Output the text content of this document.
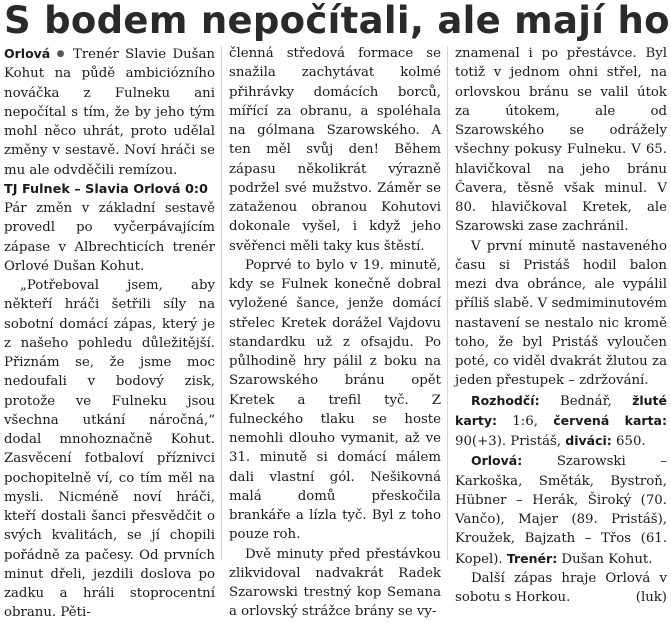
S bodem nepočítali, ale mají ho

Orlová ● Trenér Slavie Dušan Kohut na půdě ambiciózního nováčka z Fulneku ani nepočítal s tím, že by jeho tým mohl něco uhrát, proto udělal změny v sestavě. Noví hráči se mu ale odvděčili remízou.

TJ Fulnek – Slavia Orlová 0:0

Pár změn v základní sestavě provedl po vyčerpávajícím zápase v Albrechticích trenér Orlové Dušan Kohut.

„Potřeboval jsem, aby někteří hráči šetřili síly na sobotní domácí zápas, který je z našeho pohledu důležitější. Přiznám se, že jsme moc nedoufali v bodový zisk, protože ve Fulneku jsou všechna utkání náročná,“ dodal mnohoznačně Kohut. Zasvěcení fotbaloví příznivci pochopitelně ví, co tím měl na mysli. Nicméně noví hráči, kteří dostali šanci přesvědčit o svých kvalitách, se jí chopili pořádně za pačesy. Od prvních minut dřeli, jezdili doslova po zadku a hráli stoprocentní obranu. Pěti-

členná středová formace se snažila zachytávat kolmé přihrávky domácích borců, mířící za obranu, a spoléhala na gólmana Szarowského. A ten měl svůj den! Během zápasu několikrát výrazně podržel své mužstvo. Záměr se zataženou obranou Kohutovi dokonale vyšel, i když jeho svěřenci měli taky kus štěstí.

Poprvé to bylo v 19. minutě, kdy se Fulnek konečně dobral vyložené šance, jenže domácí střelec Kretek dorážel Vajdovu standardku už z ofsajdu. Po půlhodině hry pálil z boku na Szarowského bránu opět Kretek a trefil tyč. Z fulneckého tlaku se hoste nemohli dlouho vymanit, až ve 31. minutě si domácí málem dali vlastní gól. Nešikovná malá domů přeskočila brankáře a lízla tyč. Byl z toho pouze roh.

Dvě minuty před přestávkou zlikvidoval nadvakrát Radek Szarowski trestný kop Semana a orlovský strážce brány se vy-

znamenal i po přestávce. Byl totiž v jednom ohni střel, na orlovskou bránu se valil útok za útokem, ale od Szarowského se odrážely všechny pokusy Fulneku. V 65. hlavičkoval na jeho bránu Čavera, těsně však minul. V 80. hlavičkoval Kretek, ale Szarowski zase zachránil.

V první minutě nastaveného času si Pristáš hodil balon mezi dva obránce, ale vypálil příliš slabě. V sedmiminutovém nastavení se nestalo nic kromě toho, že byl Pristáš vyloučen poté, co viděl dvakrát žlutou za jeden přestupek – zdržování.

Rozhodčí: Bednář, žluté karty: 1:6, červená karta: 90(+3). Pristáš, diváci: 650.

Orlová: Szarowski – Karkoška, Směták, Bystroň, Hübner – Herák, Široký (70. Vančo), Majer (89. Pristáš), Kroužek, Bajzath – Třos (61. Kopel). Trenér: Dušan Kohut.

Další zápas hraje Orlová v sobotu s Horkou.	(luk)
